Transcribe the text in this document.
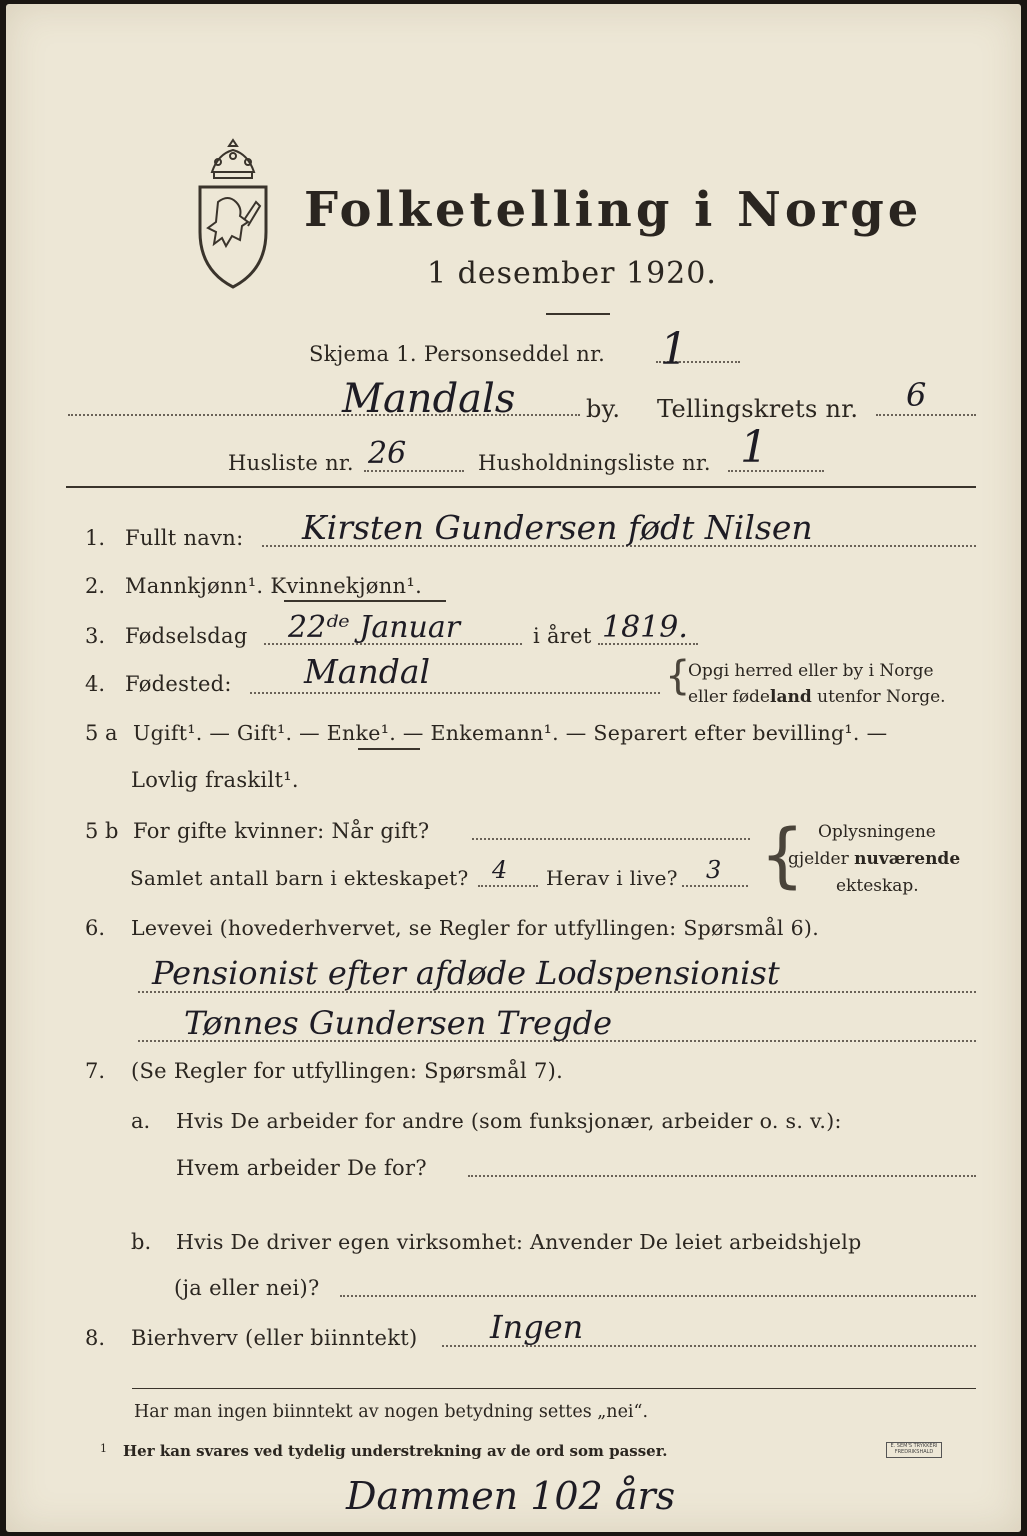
Folketelling i Norge
1 desember 1920.
Skjema 1. Personseddel nr. 1
Mandals	by. Tellingskrets nr. 6
Husliste nr. 26	Husholdningsliste nr. 1
1. Fullt navn: Kirsten Gundersen født Nilsen
2. Mannkjønn¹. Kvinnekjønn¹.
3. Fødselsdag 22ᵈᵉ Januar	i året 1819.
4. Fødested: Mandal	{
Opgi herred eller by i Norge
eller fødeland utenfor Norge.
5 a Ugift¹. — Gift¹. — Enke¹. — Enkemann¹. — Separert efter bevilling¹. —
Lovlig fraskilt¹.
5 b For gifte kvinner: Når gift?
Samlet antall barn i ekteskapet? 4 Herav i live? 3 { Oplysningene
gjelder nuværende
ekteskap.
6. Levevei (hovederhvervet, se Regler for utfyllingen: Spørsmål 6).
Pensionist efter afdøde Lodspensionist
Tønnes Gundersen Tregde
7. (Se Regler for utfyllingen: Spørsmål 7).
a. Hvis De arbeider for andre (som funksjonær, arbeider o. s. v.):
Hvem arbeider De for?
b. Hvis De driver egen virksomhet: Anvender De leiet arbeidshjelp
(ja eller nei)?
8. Bierhverv (eller biinntekt) Ingen
Har man ingen biinntekt av nogen betydning settes „nei“.
1 Her kan svares ved tydelig understrekning av de ord som passer.	E. SEM'S TRYKKERI FREDRIKSHALD
Dammen 102 års
